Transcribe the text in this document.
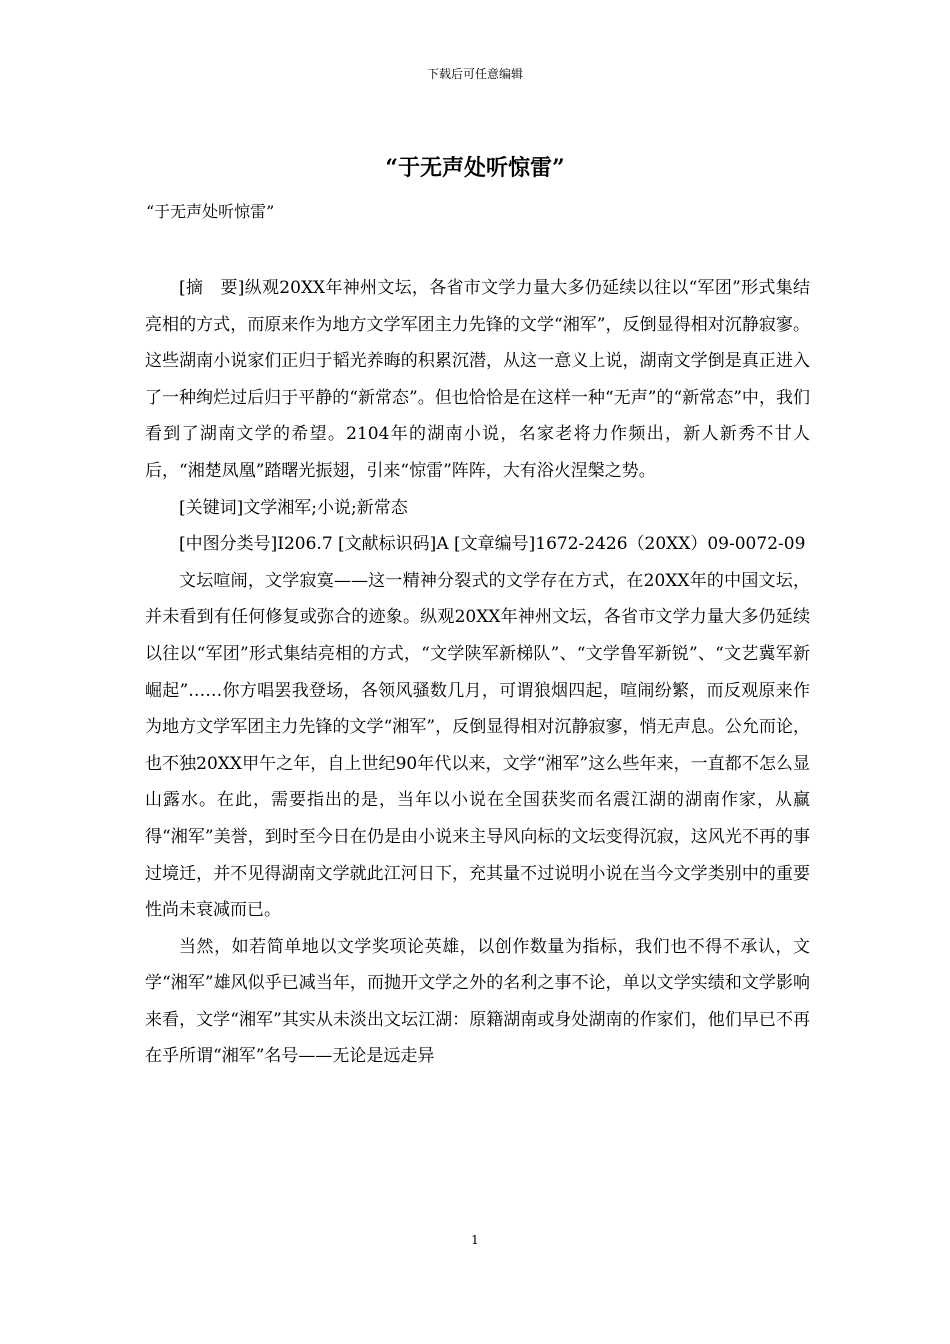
下载后可任意编辑
“于无声处听惊雷”
“于无声处听惊雷”

[摘　要]纵观20XX年神州文坛，各省市文学力量大多仍延续以往以“军团”形式集结亮相的方式，而原来作为地方文学军团主力先锋的文学“湘军”，反倒显得相对沉静寂寥。这些湖南小说家们正归于韬光养晦的积累沉潜，从这一意义上说，湖南文学倒是真正进入了一种绚烂过后归于平静的“新常态”。但也恰恰是在这样一种“无声”的“新常态”中，我们看到了湖南文学的希望。2104年的湖南小说，名家老将力作频出，新人新秀不甘人后，“湘楚凤凰”踏曙光振翅，引来“惊雷”阵阵，大有浴火涅槃之势。

[关键词]文学湘军;小说;新常态

[中图分类号]I206.7 [文献标识码]A [文章编号]1672-2426（20XX）09-0072-09

文坛喧闹，文学寂寞——这一精神分裂式的文学存在方式，在20XX年的中国文坛，并未看到有任何修复或弥合的迹象。纵观20XX年神州文坛，各省市文学力量大多仍延续以往以“军团”形式集结亮相的方式，“文学陕军新梯队”、“文学鲁军新锐”、“文艺冀军新崛起”……你方唱罢我登场，各领风骚数几月，可谓狼烟四起，喧闹纷繁，而反观原来作为地方文学军团主力先锋的文学“湘军”，反倒显得相对沉静寂寥，悄无声息。公允而论，也不独20XX甲午之年，自上世纪90年代以来，文学“湘军”这么些年来，一直都不怎么显山露水。在此，需要指出的是，当年以小说在全国获奖而名震江湖的湖南作家，从赢得“湘军”美誉，到时至今日在仍是由小说来主导风向标的文坛变得沉寂，这风光不再的事过境迁，并不见得湖南文学就此江河日下，充其量不过说明小说在当今文学类别中的重要性尚未衰减而已。

当然，如若简单地以文学奖项论英雄，以创作数量为指标，我们也不得不承认，文学“湘军”雄风似乎已减当年，而抛开文学之外的名利之事不论，单以文学实绩和文学影响来看，文学“湘军”其实从未淡出文坛江湖：原籍湖南或身处湖南的作家们，他们早已不再在乎所谓“湘军”名号——无论是远走异

1
